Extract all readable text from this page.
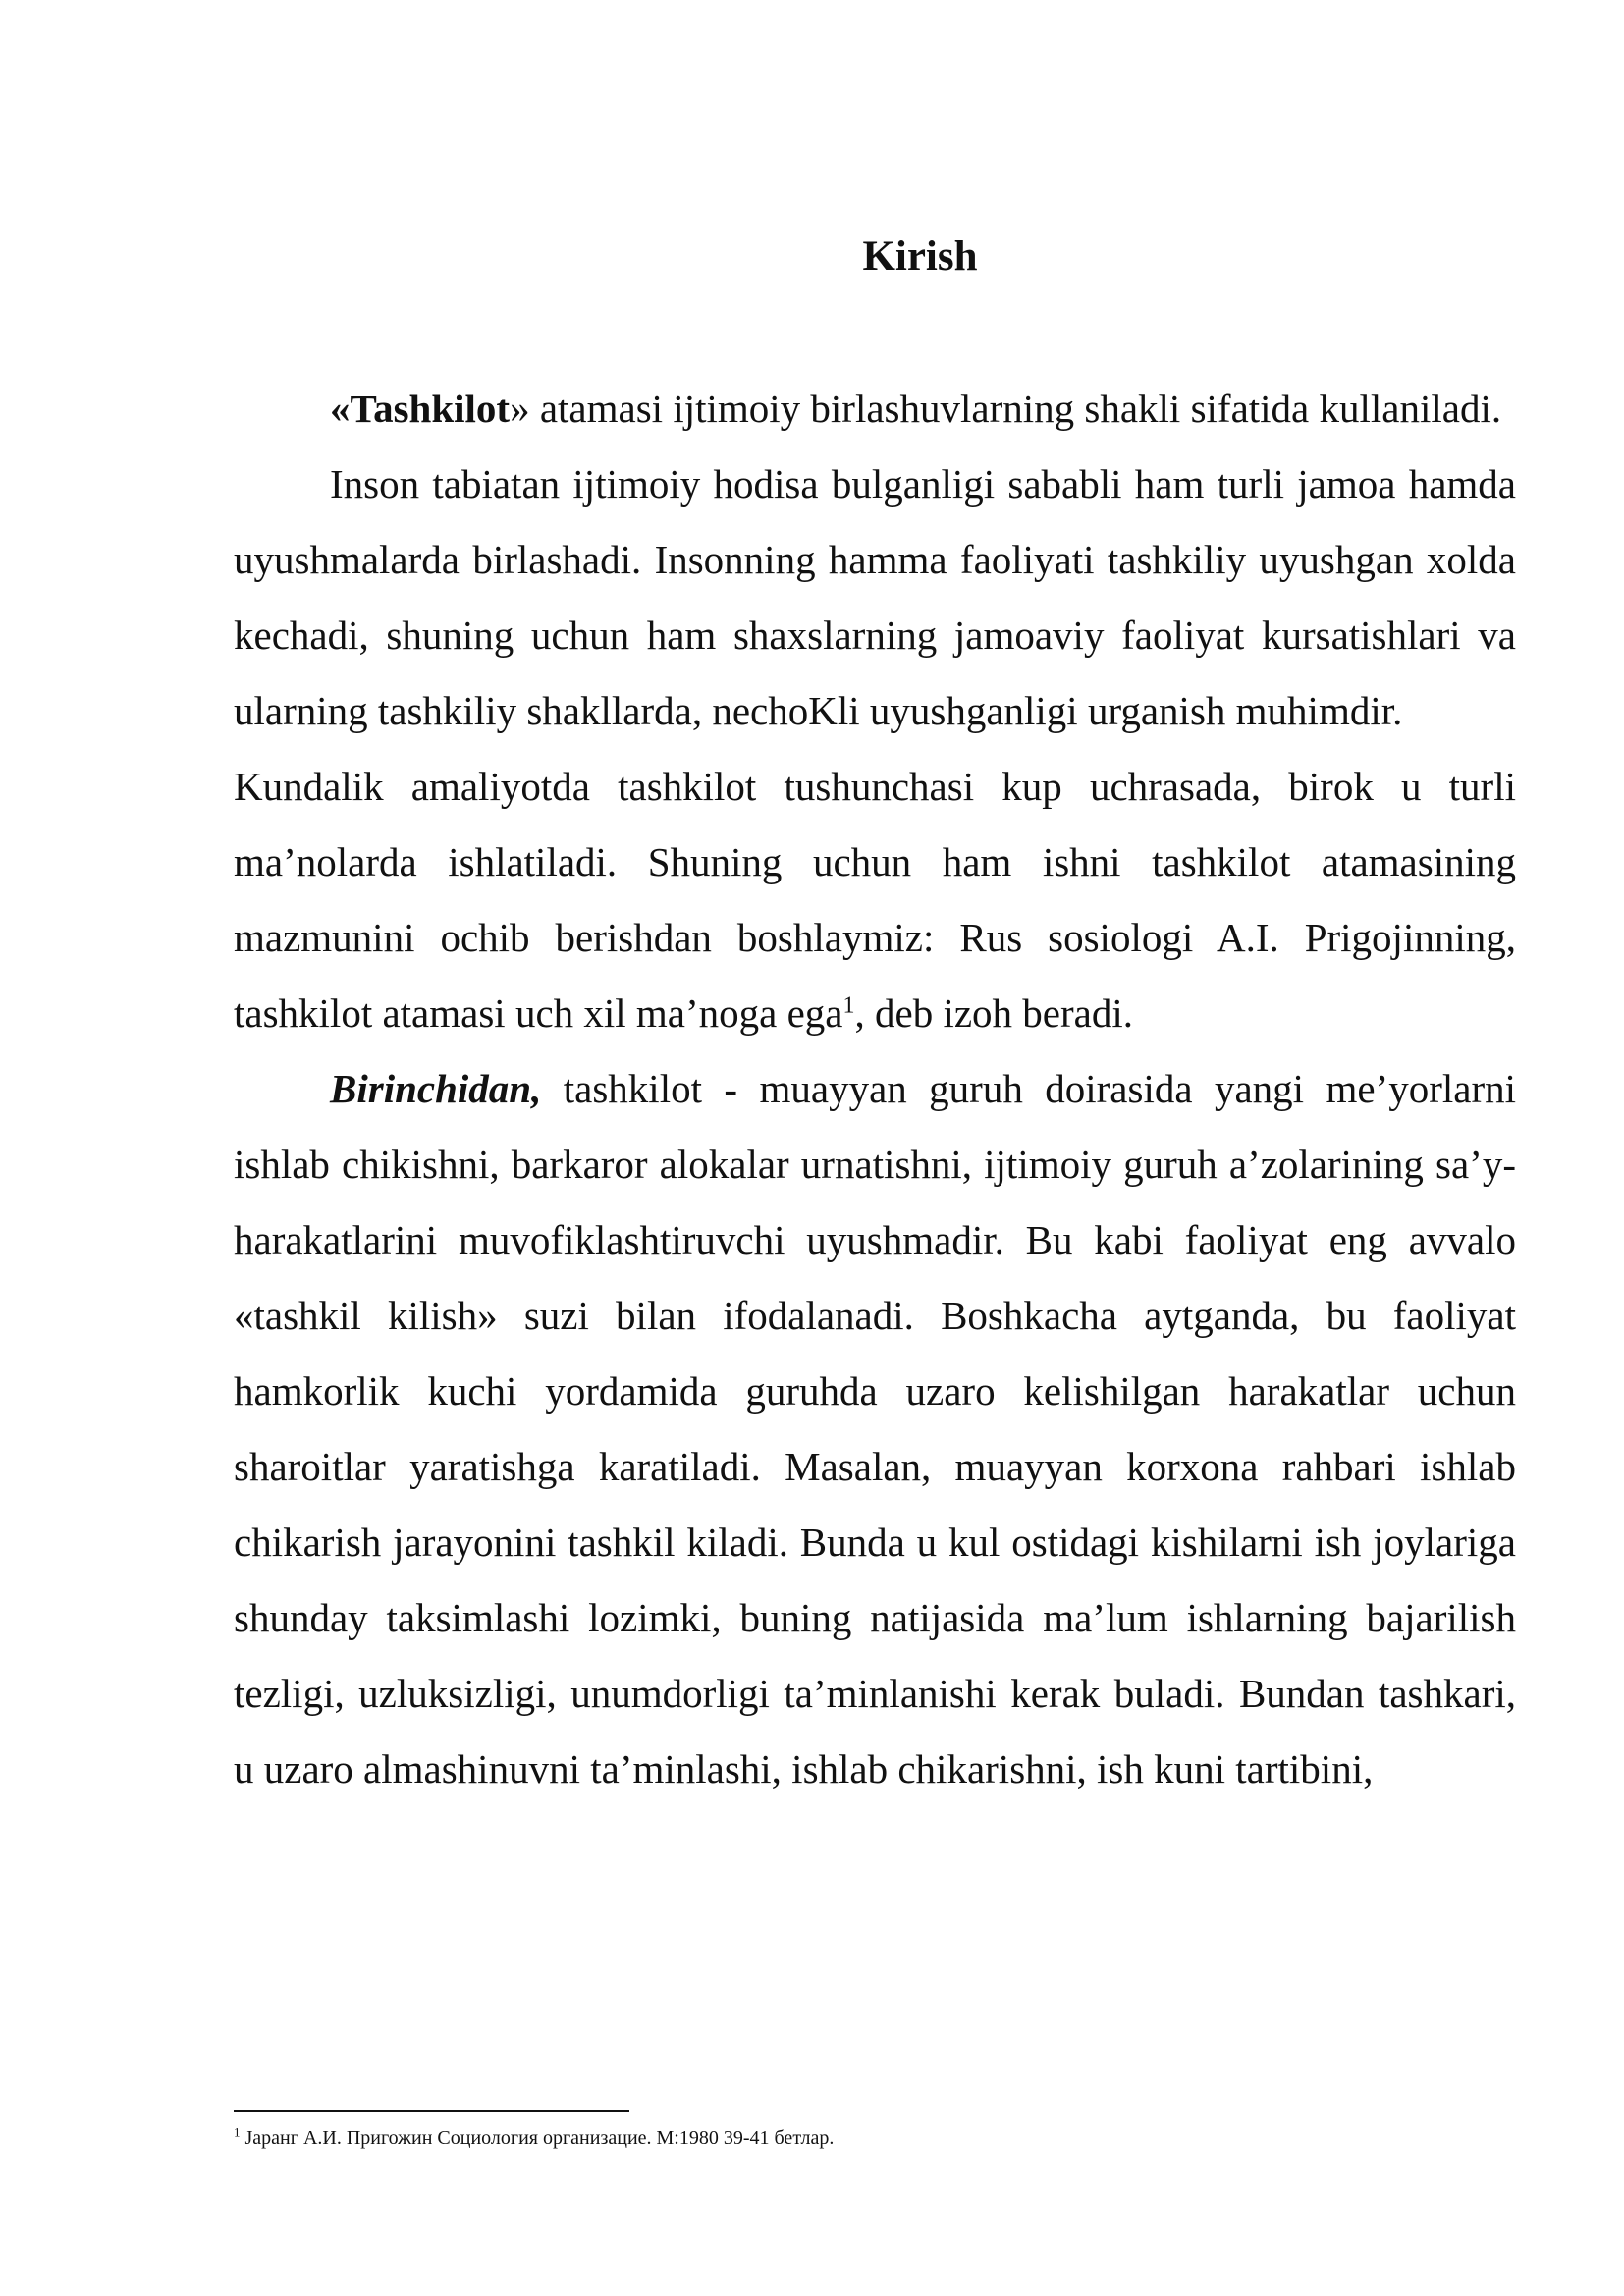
Kirish

«Tashkilot» atamasi ijtimoiy birlashuvlarning shakli sifatida kullaniladi.

Inson tabiatan ijtimoiy hodisa bulganligi sababli ham turli jamoa hamda uyushmalarda birlashadi. Insonning hamma faoliyati tashkiliy uyushgan xolda kechadi, shuning uchun ham shaxslarning jamoaviy faoliyat kursatishlari va ularning tashkiliy shakllarda, nechoKli uyushganligi urganish muhimdir.

Kundalik amaliyotda tashkilot tushunchasi kup uchrasada, birok u turli ma’nolarda ishlatiladi. Shuning uchun ham ishni tashkilot atamasining mazmunini ochib berishdan boshlaymiz: Rus sosiologi A.I. Prigojinning, tashkilot atamasi uch xil ma’noga ega$^1$, deb izoh beradi.

Birinchidan, tashkilot - muayyan guruh doirasida yangi me’yorlarni ishlab chikishni, barkaror alokalar urnatishni, ijtimoiy guruh a’zolarining sa’y-harakatlarini muvofiklashtiruvchi uyushmadir. Bu kabi faoliyat eng avvalo «tashkil kilish» suzi bilan ifodalanadi. Boshkacha aytganda, bu faoliyat hamkorlik kuchi yordamida guruhda uzaro kelishilgan harakatlar uchun sharoitlar yaratishga karatiladi. Masalan, muayyan korxona rahbari ishlab chikarish jarayonini tashkil kiladi. Bunda u kul ostidagi kishilarni ish joylariga shunday taksimlashi lozimki, buning natijasida ma’lum ishlarning bajarilish tezligi, uzluksizligi, unumdorligi ta’minlanishi kerak buladi. Bundan tashkari, u uzaro almashinuvni ta’minlashi, ishlab chikarishni, ish kuni tartibini,

$^1$ Jаранг А.И. Пригожин Социология организацие. М:1980 39-41 бетлар.
